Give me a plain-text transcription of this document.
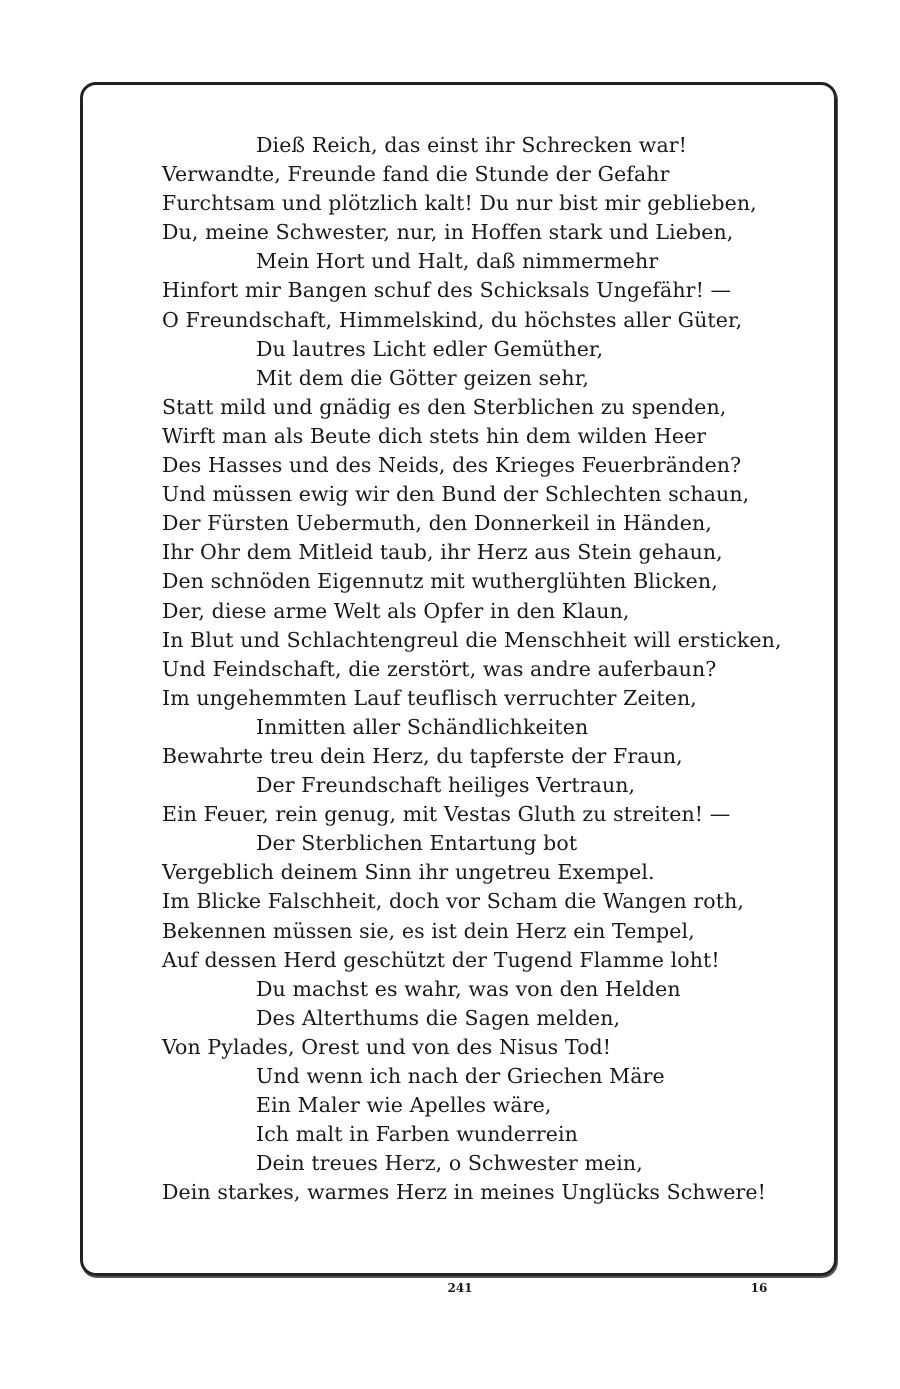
Dieß Reich, das einst ihr Schrecken war!
Verwandte, Freunde fand die Stunde der Gefahr
Furchtsam und plötzlich kalt! Du nur bist mir geblieben,
Du, meine Schwester, nur, in Hoffen stark und Lieben,
Mein Hort und Halt, daß nimmermehr
Hinfort mir Bangen schuf des Schicksals Ungefähr! —
O Freundschaft, Himmelskind, du höchstes aller Güter,
Du lautres Licht edler Gemüther,
Mit dem die Götter geizen sehr,
Statt mild und gnädig es den Sterblichen zu spenden,
Wirft man als Beute dich stets hin dem wilden Heer
Des Hasses und des Neids, des Krieges Feuerbränden?
Und müssen ewig wir den Bund der Schlechten schaun,
Der Fürsten Uebermuth, den Donnerkeil in Händen,
Ihr Ohr dem Mitleid taub, ihr Herz aus Stein gehaun,
Den schnöden Eigennutz mit wutherglühten Blicken,
Der, diese arme Welt als Opfer in den Klaun,
In Blut und Schlachtengreul die Menschheit will ersticken,
Und Feindschaft, die zerstört, was andre auferbaun?
Im ungehemmten Lauf teuflisch verruchter Zeiten,
Inmitten aller Schändlichkeiten
Bewahrte treu dein Herz, du tapferste der Fraun,
Der Freundschaft heiliges Vertraun,
Ein Feuer, rein genug, mit Vestas Gluth zu streiten! —
Der Sterblichen Entartung bot
Vergeblich deinem Sinn ihr ungetreu Exempel.
Im Blicke Falschheit, doch vor Scham die Wangen roth,
Bekennen müssen sie, es ist dein Herz ein Tempel,
Auf dessen Herd geschützt der Tugend Flamme loht!
Du machst es wahr, was von den Helden
Des Alterthums die Sagen melden,
Von Pylades, Orest und von des Nisus Tod!
Und wenn ich nach der Griechen Märe
Ein Maler wie Apelles wäre,
Ich malt in Farben wunderrein
Dein treues Herz, o Schwester mein,
Dein starkes, warmes Herz in meines Unglücks Schwere!
241	16
